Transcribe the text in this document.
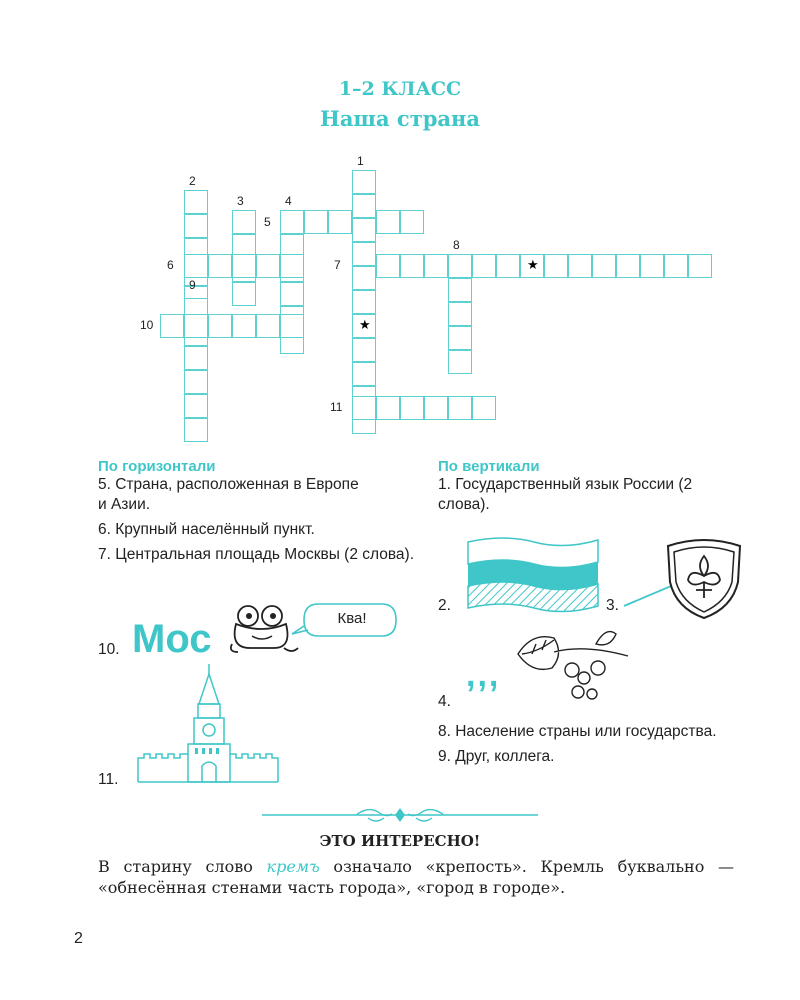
1–2 КЛАСС
Наша страна
★
★
1
2
3	4
5
6	7
8
9
10
11
По горизонтали
5. Страна, расположенная в Европе и Азии.
6. Крупный населённый пункт.
7. Центральная площадь Москвы (2 слова).
10. Мос	Ква!
11.
По вертикали
1. Государственный язык России (2 слова).
2.	3.
4.
,,,
8. Население страны или государства.
9. Друг, коллега.
ЭТО ИНТЕРЕСНО!
В старину слово кремъ означало «крепость». Кремль буквально — «обнесённая стенами часть города», «город в городе».
2
